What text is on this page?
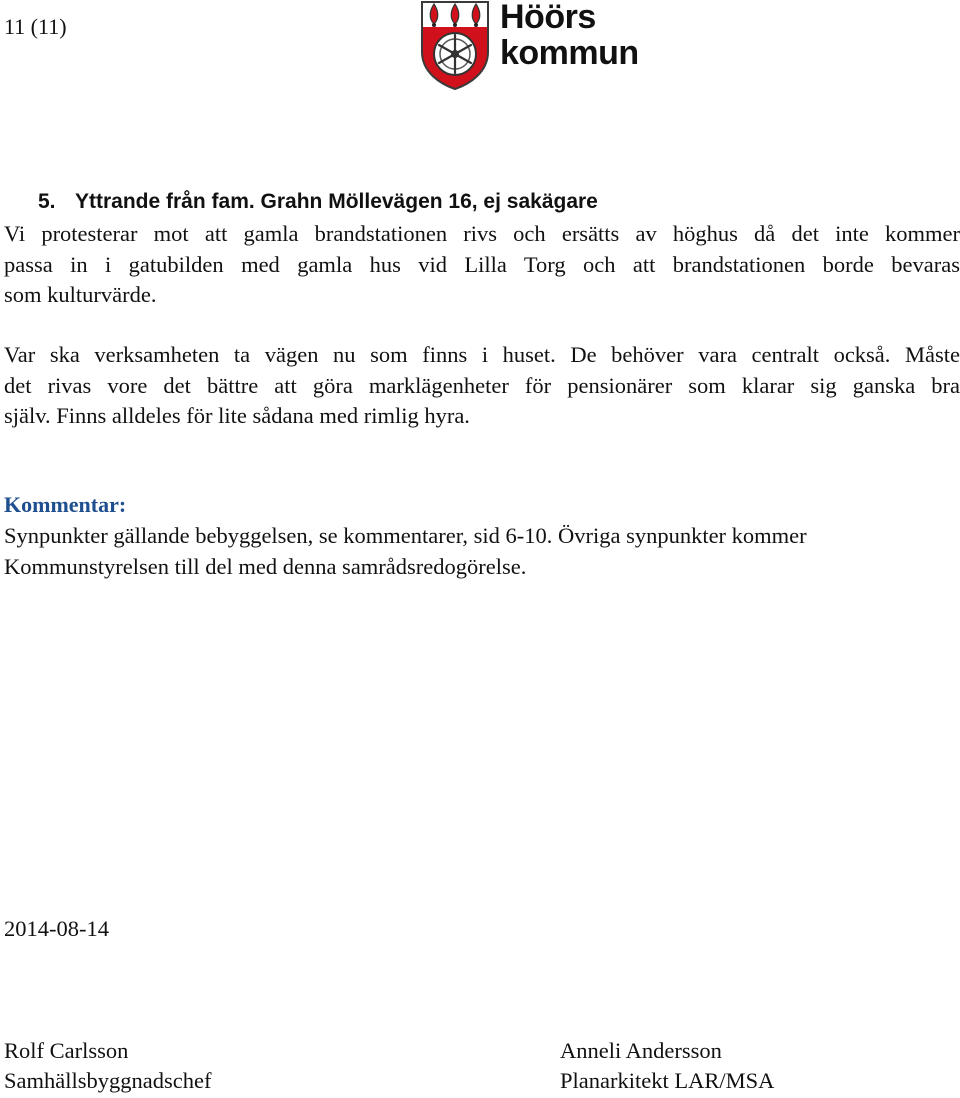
11 (11)	Höörs
kommun
5. Yttrande från fam. Grahn Möllevägen 16, ej sakägare
Vi protesterar mot att gamla brandstationen rivs och ersätts av höghus då det inte kommer
passa in i gatubilden med gamla hus vid Lilla Torg och att brandstationen borde bevaras
som kulturvärde.
Var ska verksamheten ta vägen nu som finns i huset. De behöver vara centralt också. Måste
det rivas vore det bättre att göra marklägenheter för pensionärer som klarar sig ganska bra
själv. Finns alldeles för lite sådana med rimlig hyra.
Kommentar:
Synpunkter gällande bebyggelsen, se kommentarer, sid 6-10. Övriga synpunkter kommer
Kommunstyrelsen till del med denna samrådsredogörelse.
2014-08-14
Rolf Carlsson
Samhällsbyggnadschef
Anneli Andersson
Planarkitekt LAR/MSA
